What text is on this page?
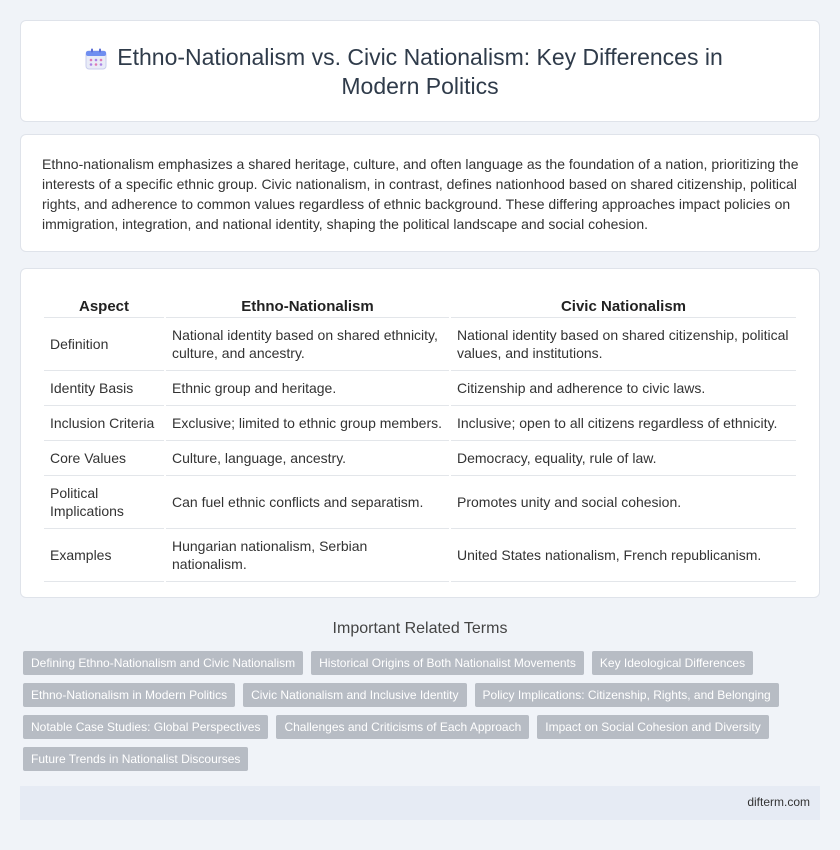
Ethno-Nationalism vs. Civic Nationalism: Key Differences in Modern Politics

Ethno-nationalism emphasizes a shared heritage, culture, and often language as the foundation of a nation, prioritizing the interests of a specific ethnic group. Civic nationalism, in contrast, defines nationhood based on shared citizenship, political rights, and adherence to common values regardless of ethnic background. These differing approaches impact policies on immigration, integration, and national identity, shaping the political landscape and social cohesion.

Aspect	Ethno-Nationalism	Civic Nationalism
Definition	National identity based on shared ethnicity, culture, and ancestry.	National identity based on shared citizenship, political values, and institutions.
Identity Basis	Ethnic group and heritage.	Citizenship and adherence to civic laws.
Inclusion Criteria	Exclusive; limited to ethnic group members.	Inclusive; open to all citizens regardless of ethnicity.
Core Values	Culture, language, ancestry.	Democracy, equality, rule of law.
Political Implications	Can fuel ethnic conflicts and separatism.	Promotes unity and social cohesion.
Examples	Hungarian nationalism, Serbian nationalism.	United States nationalism, French republicanism.
Important Related Terms
Defining Ethno-Nationalism and Civic Nationalism	Historical Origins of Both Nationalist Movements	Key Ideological Differences
Ethno-Nationalism in Modern Politics	Civic Nationalism and Inclusive Identity	Policy Implications: Citizenship, Rights, and Belonging
Notable Case Studies: Global Perspectives	Challenges and Criticisms of Each Approach	Impact on Social Cohesion and Diversity
Future Trends in Nationalist Discourses
difterm.com
